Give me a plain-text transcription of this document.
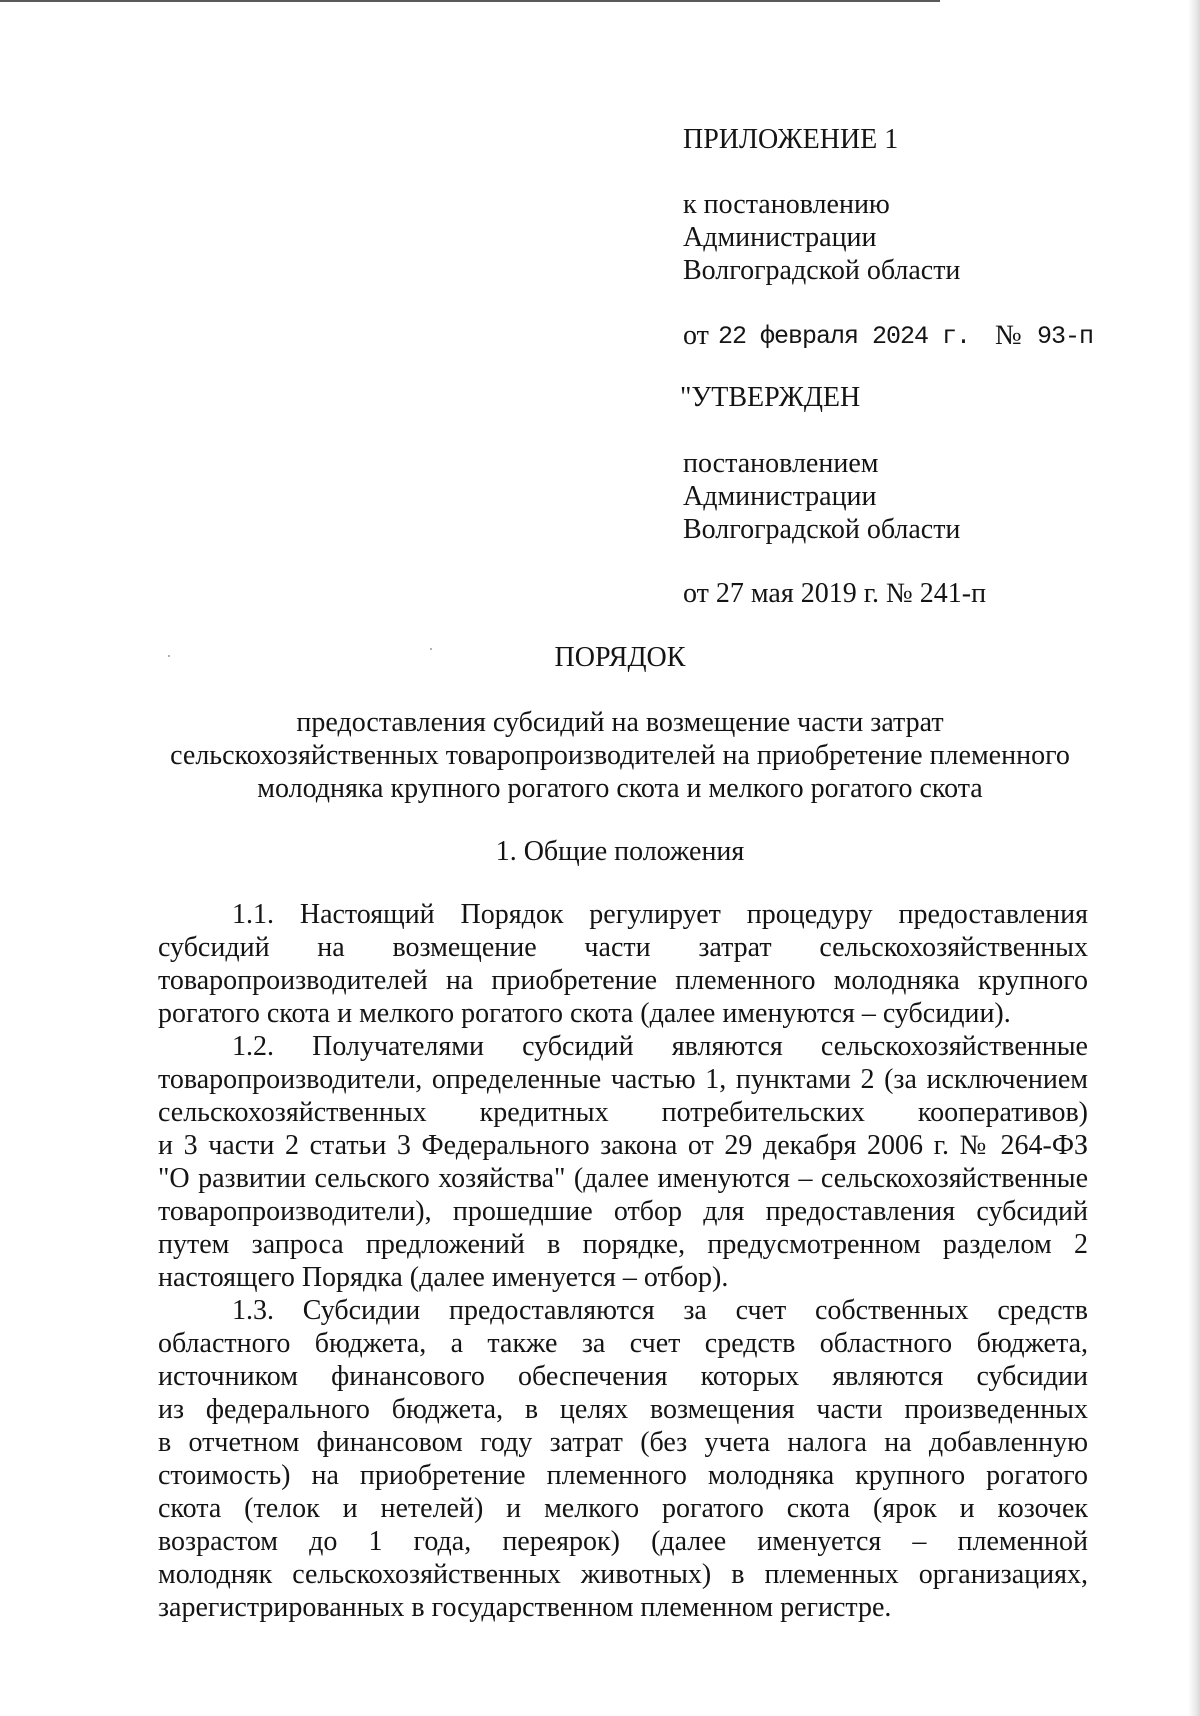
ПРИЛОЖЕНИЕ 1
к постановлению
Администрации
Волгоградской области
от 22 февраля 2024 г. № 93-п
"УТВЕРЖДЕН
постановлением
Администрации
Волгоградской области
от 27 мая 2019 г. № 241-п
ПОРЯДОК
предоставления субсидий на возмещение части затрат
сельскохозяйственных товаропроизводителей на приобретение племенного
молодняка крупного рогатого скота и мелкого рогатого скота
1. Общие положения
1.1. Настоящий Порядок регулирует процедуру предоставления
субсидий на возмещение части затрат сельскохозяйственных
товаропроизводителей на приобретение племенного молодняка крупного
рогатого скота и мелкого рогатого скота (далее именуются – субсидии).
1.2. Получателями субсидий являются сельскохозяйственные
товаропроизводители, определенные частью 1, пунктами 2 (за исключением
сельскохозяйственных кредитных потребительских кооперативов)
и 3 части 2 статьи 3 Федерального закона от 29 декабря 2006 г. № 264-ФЗ
"О развитии сельского хозяйства" (далее именуются – сельскохозяйственные
товаропроизводители), прошедшие отбор для предоставления субсидий
путем запроса предложений в порядке, предусмотренном разделом 2
настоящего Порядка (далее именуется – отбор).
1.3. Субсидии предоставляются за счет собственных средств
областного бюджета, а также за счет средств областного бюджета,
источником финансового обеспечения которых являются субсидии
из федерального бюджета, в целях возмещения части произведенных
в отчетном финансовом году затрат (без учета налога на добавленную
стоимость) на приобретение племенного молодняка крупного рогатого
скота (телок и нетелей) и мелкого рогатого скота (ярок и козочек
возрастом до 1 года, переярок) (далее именуется – племенной
молодняк сельскохозяйственных животных) в племенных организациях,
зарегистрированных в государственном племенном регистре.
